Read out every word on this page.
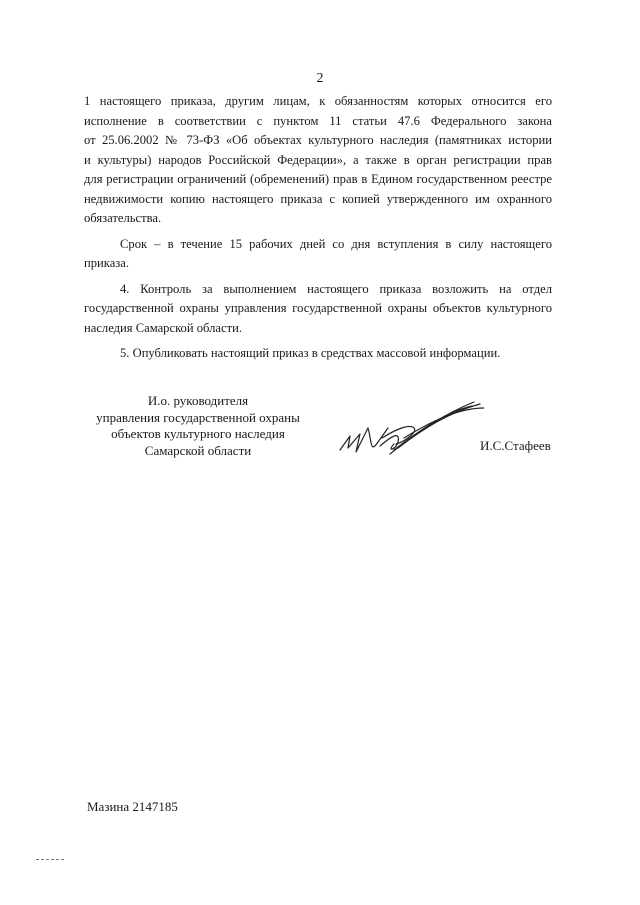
2

1 настоящего приказа, другим лицам, к обязанностям которых относится его

исполнение в соответствии с пунктом 11 статьи 47.6 Федерального закона

от 25.06.2002 № 73-ФЗ «Об объектах культурного наследия (памятниках истории

и культуры) народов Российской Федерации», а также в орган регистрации прав

для регистрации ограничений (обременений) прав в Едином государственном реестре

недвижимости копию настоящего приказа с копией утвержденного им охранного

обязательства.

Срок – в течение 15 рабочих дней со дня вступления в силу настоящего

приказа.

4. Контроль за выполнением настоящего приказа возложить на отдел

государственной охраны управления государственной охраны объектов культурного

наследия Самарской области.

5. Опубликовать настоящий приказ в средствах массовой информации.

И.о. руководителя
управления государственной охраны
объектов культурного наследия
Самарской области	И.С.Стафеев
Мазина 2147185
